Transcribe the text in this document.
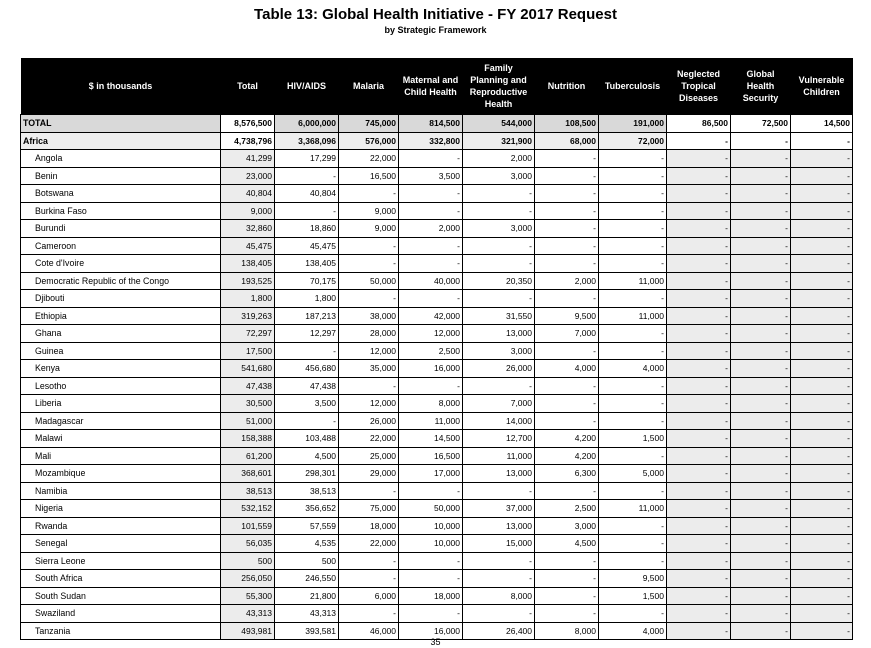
Table 13: Global Health Initiative - FY 2017 Request
by Strategic Framework
$ in thousands	Total	HIV/AIDS	Malaria	Maternal and Child Health	Family Planning and Reproductive Health	Nutrition	Tuberculosis	Neglected Tropical Diseases	Global Health Security	Vulnerable Children
TOTAL	8,576,500	6,000,000	745,000	814,500	544,000	108,500	191,000	86,500	72,500	14,500
Africa	4,738,796	3,368,096	576,000	332,800	321,900	68,000	72,000	-	-	-
Angola	41,299	17,299	22,000	-	2,000	-	-	-	-	-
Benin	23,000	-	16,500	3,500	3,000	-	-	-	-	-
Botswana	40,804	40,804	-	-	-	-	-	-	-	-
Burkina Faso	9,000	-	9,000	-	-	-	-	-	-	-
Burundi	32,860	18,860	9,000	2,000	3,000	-	-	-	-	-
Cameroon	45,475	45,475	-	-	-	-	-	-	-	-
Cote d'Ivoire	138,405	138,405	-	-	-	-	-	-	-	-
Democratic Republic of the Congo	193,525	70,175	50,000	40,000	20,350	2,000	11,000	-	-	-
Djibouti	1,800	1,800	-	-	-	-	-	-	-	-
Ethiopia	319,263	187,213	38,000	42,000	31,550	9,500	11,000	-	-	-
Ghana	72,297	12,297	28,000	12,000	13,000	7,000	-	-	-	-
Guinea	17,500	-	12,000	2,500	3,000	-	-	-	-	-
Kenya	541,680	456,680	35,000	16,000	26,000	4,000	4,000	-	-	-
Lesotho	47,438	47,438	-	-	-	-	-	-	-	-
Liberia	30,500	3,500	12,000	8,000	7,000	-	-	-	-	-
Madagascar	51,000	-	26,000	11,000	14,000	-	-	-	-	-
Malawi	158,388	103,488	22,000	14,500	12,700	4,200	1,500	-	-	-
Mali	61,200	4,500	25,000	16,500	11,000	4,200	-	-	-	-
Mozambique	368,601	298,301	29,000	17,000	13,000	6,300	5,000	-	-	-
Namibia	38,513	38,513	-	-	-	-	-	-	-	-
Nigeria	532,152	356,652	75,000	50,000	37,000	2,500	11,000	-	-	-
Rwanda	101,559	57,559	18,000	10,000	13,000	3,000	-	-	-	-
Senegal	56,035	4,535	22,000	10,000	15,000	4,500	-	-	-	-
Sierra Leone	500	500	-	-	-	-	-	-	-	-
South Africa	256,050	246,550	-	-	-	-	9,500	-	-	-
South Sudan	55,300	21,800	6,000	18,000	8,000	-	1,500	-	-	-
Swaziland	43,313	43,313	-	-	-	-	-	-	-	-
Tanzania	493,981	393,581	46,000	16,000	26,400	8,000	4,000	-	-	-
35
